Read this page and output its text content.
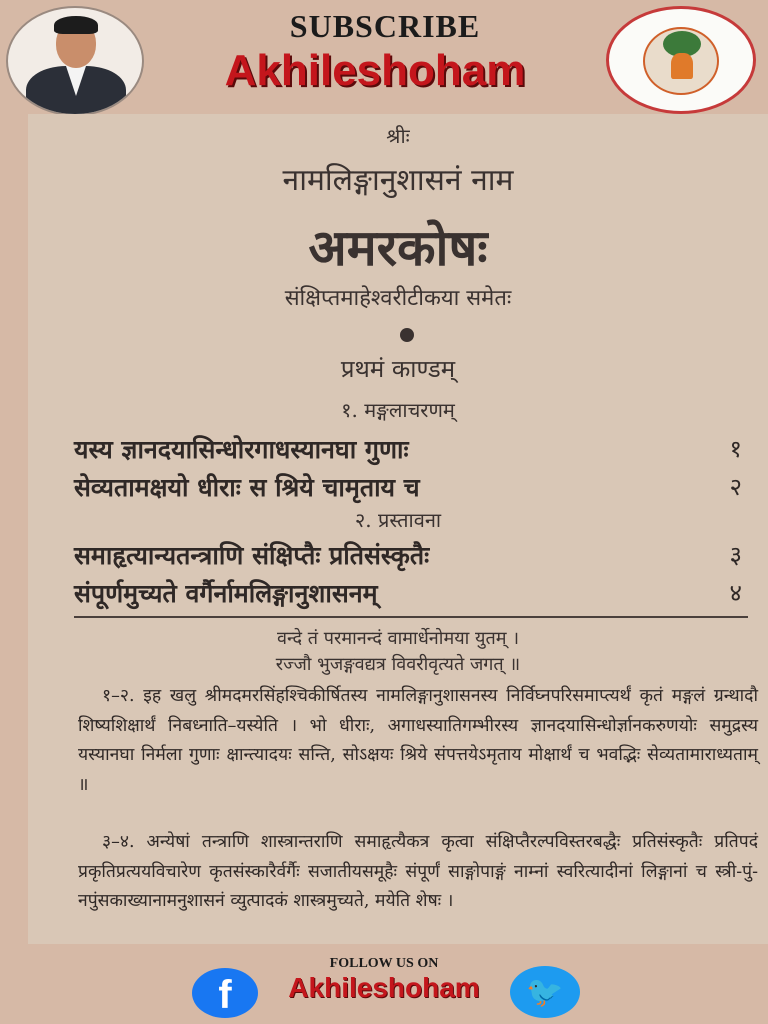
SUBSCRIBE
Akhileshoham
श्रीः
नामलिङ्गानुशासनं नाम
अमरकोषः
संक्षिप्तमाहेश्वरीटीकया समेतः
प्रथमं काण्डम्
१. मङ्गलाचरणम्
यस्य ज्ञानदयासिन्धोरगाधस्यानघा गुणाः	१
सेव्यतामक्षयो धीराः स श्रिये चामृताय च	२
२. प्रस्तावना
समाहृत्यान्यतन्त्राणि संक्षिप्तैः प्रतिसंस्कृतैः	३
संपूर्णमुच्यते वर्गैर्नामलिङ्गानुशासनम्	४
वन्दे तं परमानन्दं वामार्धेनोमया युतम् ।
रज्जौ भुजङ्गवद्यत्र विवरीवृत्यते जगत् ॥
१–२. इह खलु श्रीमदमरसिंहश्चिकीर्षितस्य नामलिङ्गानुशासनस्य निर्विघ्नपरिसमाप्त्यर्थं कृतं मङ्गलं ग्रन्थादौ शिष्यशिक्षार्थं निबध्नाति–यस्येति । भो धीराः, अगाधस्यातिगम्भीरस्य ज्ञानदयासिन्धोर्ज्ञानकरुणयोः समुद्रस्य यस्यानघा निर्मला गुणाः क्षान्त्यादयः सन्ति, सोऽक्षयः श्रिये संपत्तयेऽमृताय मोक्षार्थं च भवद्भिः सेव्यतामाराध्यताम् ॥
३–४. अन्येषां तन्त्राणि शास्त्रान्तराणि समाहृत्यैकत्र कृत्वा संक्षिप्तैरल्पविस्तरबद्धैः प्रतिसंस्कृतैः प्रतिपदं प्रकृतिप्रत्ययविचारेण कृतसंस्कारैर्वर्गैः सजातीयसमूहैः संपूर्णं साङ्गोपाङ्गं नाम्नां स्वरित्यादीनां लिङ्गानां च स्त्री-पुं-नपुंसकाख्यानामनुशासनं व्युत्पादकं शास्त्रमुच्यते, मयेति शेषः ।
FOLLOW US ON
f	Akhileshoham	🐦
